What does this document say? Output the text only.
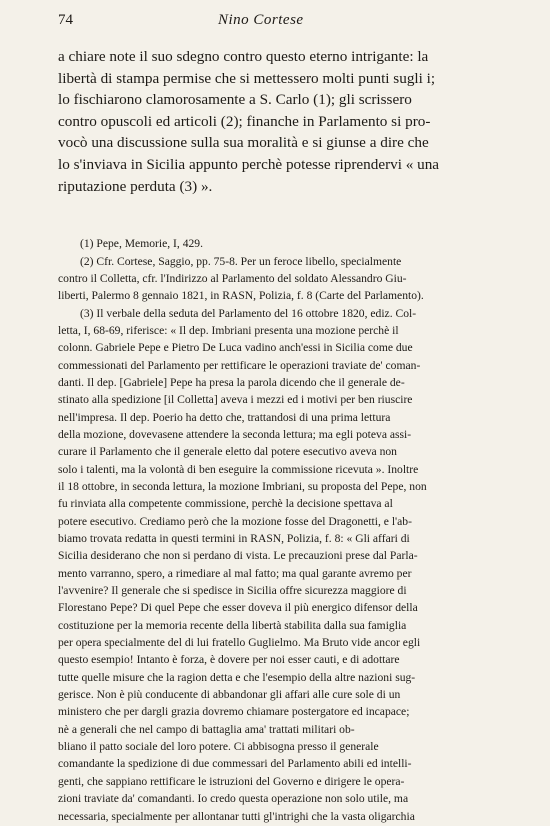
74	Nino Cortese
a chiare note il suo sdegno contro questo eterno intrigante: la
libertà di stampa permise che si mettessero molti punti sugli i;
lo fischiarono clamorosamente a S. Carlo (1); gli scrissero
contro opuscoli ed articoli (2); finanche in Parlamento si pro-
vocò una discussione sulla sua moralità e si giunse a dire che
lo s'inviava in Sicilia appunto perchè potesse riprendervi « una
riputazione perduta (3) ».
(1) Pepe, Memorie, I, 429.
(2) Cfr. Cortese, Saggio, pp. 75-8. Per un feroce libello, specialmente
contro il Colletta, cfr. l'Indirizzo al Parlamento del soldato Alessandro Giu-
liberti, Palermo 8 gennaio 1821, in RASN, Polizia, f. 8 (Carte del Parlamento).
(3) Il verbale della seduta del Parlamento del 16 ottobre 1820, ediz. Col-
letta, I, 68-69, riferisce: « Il dep. Imbriani presenta una mozione perchè il
colonn. Gabriele Pepe e Pietro De Luca vadino anch'essi in Sicilia come due
commessionati del Parlamento per rettificare le operazioni traviate de' coman-
danti. Il dep. [Gabriele] Pepe ha presa la parola dicendo che il generale de-
stinato alla spedizione [il Colletta] aveva i mezzi ed i motivi per ben riuscire
nell'impresa. Il dep. Poerio ha detto che, trattandosi di una prima lettura
della mozione, dovevasene attendere la seconda lettura; ma egli poteva assi-
curare il Parlamento che il generale eletto dal potere esecutivo aveva non
solo i talenti, ma la volontà di ben eseguire la commissione ricevuta ». Inoltre
il 18 ottobre, in seconda lettura, la mozione Imbriani, su proposta del Pepe, non
fu rinviata alla competente commissione, perchè la decisione spettava al
potere esecutivo. Crediamo però che la mozione fosse del Dragonetti, e l'ab-
biamo trovata redatta in questi termini in RASN, Polizia, f. 8: « Gli affari di
Sicilia desiderano che non si perdano di vista. Le precauzioni prese dal Parla-
mento varranno, spero, a rimediare al mal fatto; ma qual garante avremo per
l'avvenire? Il generale che si spedisce in Sicilia offre sicurezza maggiore di
Florestano Pepe? Di quel Pepe che esser doveva il più energico difensor della
costituzione per la memoria recente della libertà stabilita dalla sua famiglia
per opera specialmente del di lui fratello Guglielmo. Ma Bruto vide ancor egli
questo esempio! Intanto è forza, è dovere per noi esser cauti, e di adottare
tutte quelle misure che la ragion detta e che l'esempio della altre nazioni sug-
gerisce. Non è più conducente di abbandonar gli affari alle cure sole di un
ministero che per dargli grazia dovremo chiamare postergatore ed incapace;
nè a generali che nel campo di battaglia ama' trattati militari ob-
bliano il patto sociale del loro potere. Ci abbisogna presso il generale
comandante la spedizione di due commessari del Parlamento abili ed intelli-
genti, che sappiano rettificare le istruzioni del Governo e dirigere le opera-
zioni traviate da' comandanti. Io credo questa operazione non solo utile, ma
necessaria, specialmente per allontanar tutti gl'intrighi che la vasta oligarchia
